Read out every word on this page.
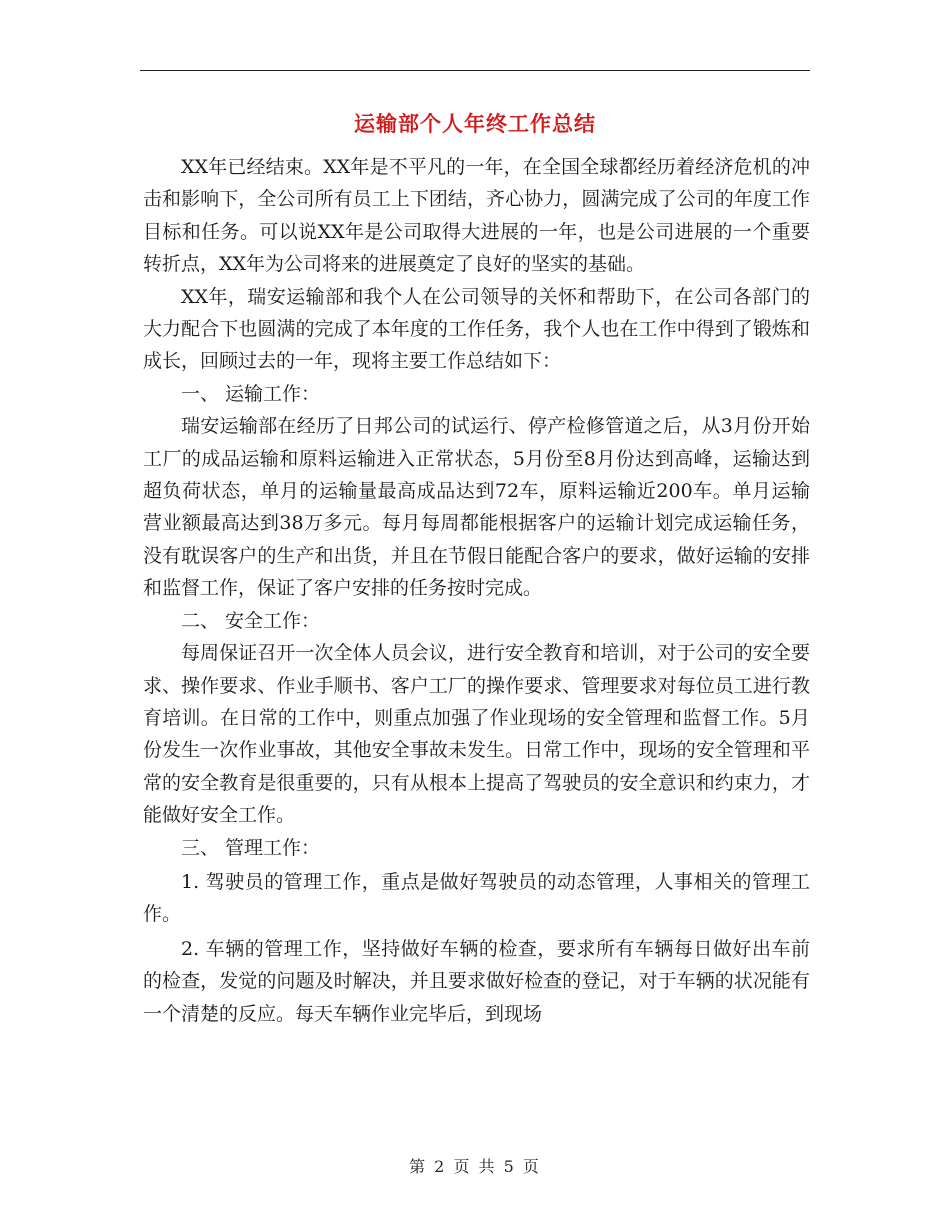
运输部个人年终工作总结

XX年已经结束。XX年是不平凡的一年，在全国全球都经历着经济危机的冲击和影响下，全公司所有员工上下团结，齐心协力，圆满完成了公司的年度工作目标和任务。可以说XX年是公司取得大进展的一年，也是公司进展的一个重要转折点，XX年为公司将来的进展奠定了良好的坚实的基础。

XX年，瑞安运输部和我个人在公司领导的关怀和帮助下，在公司各部门的大力配合下也圆满的完成了本年度的工作任务，我个人也在工作中得到了锻炼和成长，回顾过去的一年，现将主要工作总结如下：

一、 运输工作：

瑞安运输部在经历了日邦公司的试运行、停产检修管道之后，从3月份开始工厂的成品运输和原料运输进入正常状态，5月份至8月份达到高峰，运输达到超负荷状态，单月的运输量最高成品达到72车，原料运输近200车。单月运输营业额最高达到38万多元。每月每周都能根据客户的运输计划完成运输任务，没有耽误客户的生产和出货，并且在节假日能配合客户的要求，做好运输的安排和监督工作，保证了客户安排的任务按时完成。

二、 安全工作：

每周保证召开一次全体人员会议，进行安全教育和培训，对于公司的安全要求、操作要求、作业手顺书、客户工厂的操作要求、管理要求对每位员工进行教育培训。在日常的工作中，则重点加强了作业现场的安全管理和监督工作。5月份发生一次作业事故，其他安全事故未发生。日常工作中，现场的安全管理和平常的安全教育是很重要的，只有从根本上提高了驾驶员的安全意识和约束力，才能做好安全工作。

三、 管理工作：

1. 驾驶员的管理工作，重点是做好驾驶员的动态管理，人事相关的管理工作。

2. 车辆的管理工作，坚持做好车辆的检查，要求所有车辆每日做好出车前的检查，发觉的问题及时解决，并且要求做好检查的登记，对于车辆的状况能有一个清楚的反应。每天车辆作业完毕后，到现场

第 2 页 共 5 页
